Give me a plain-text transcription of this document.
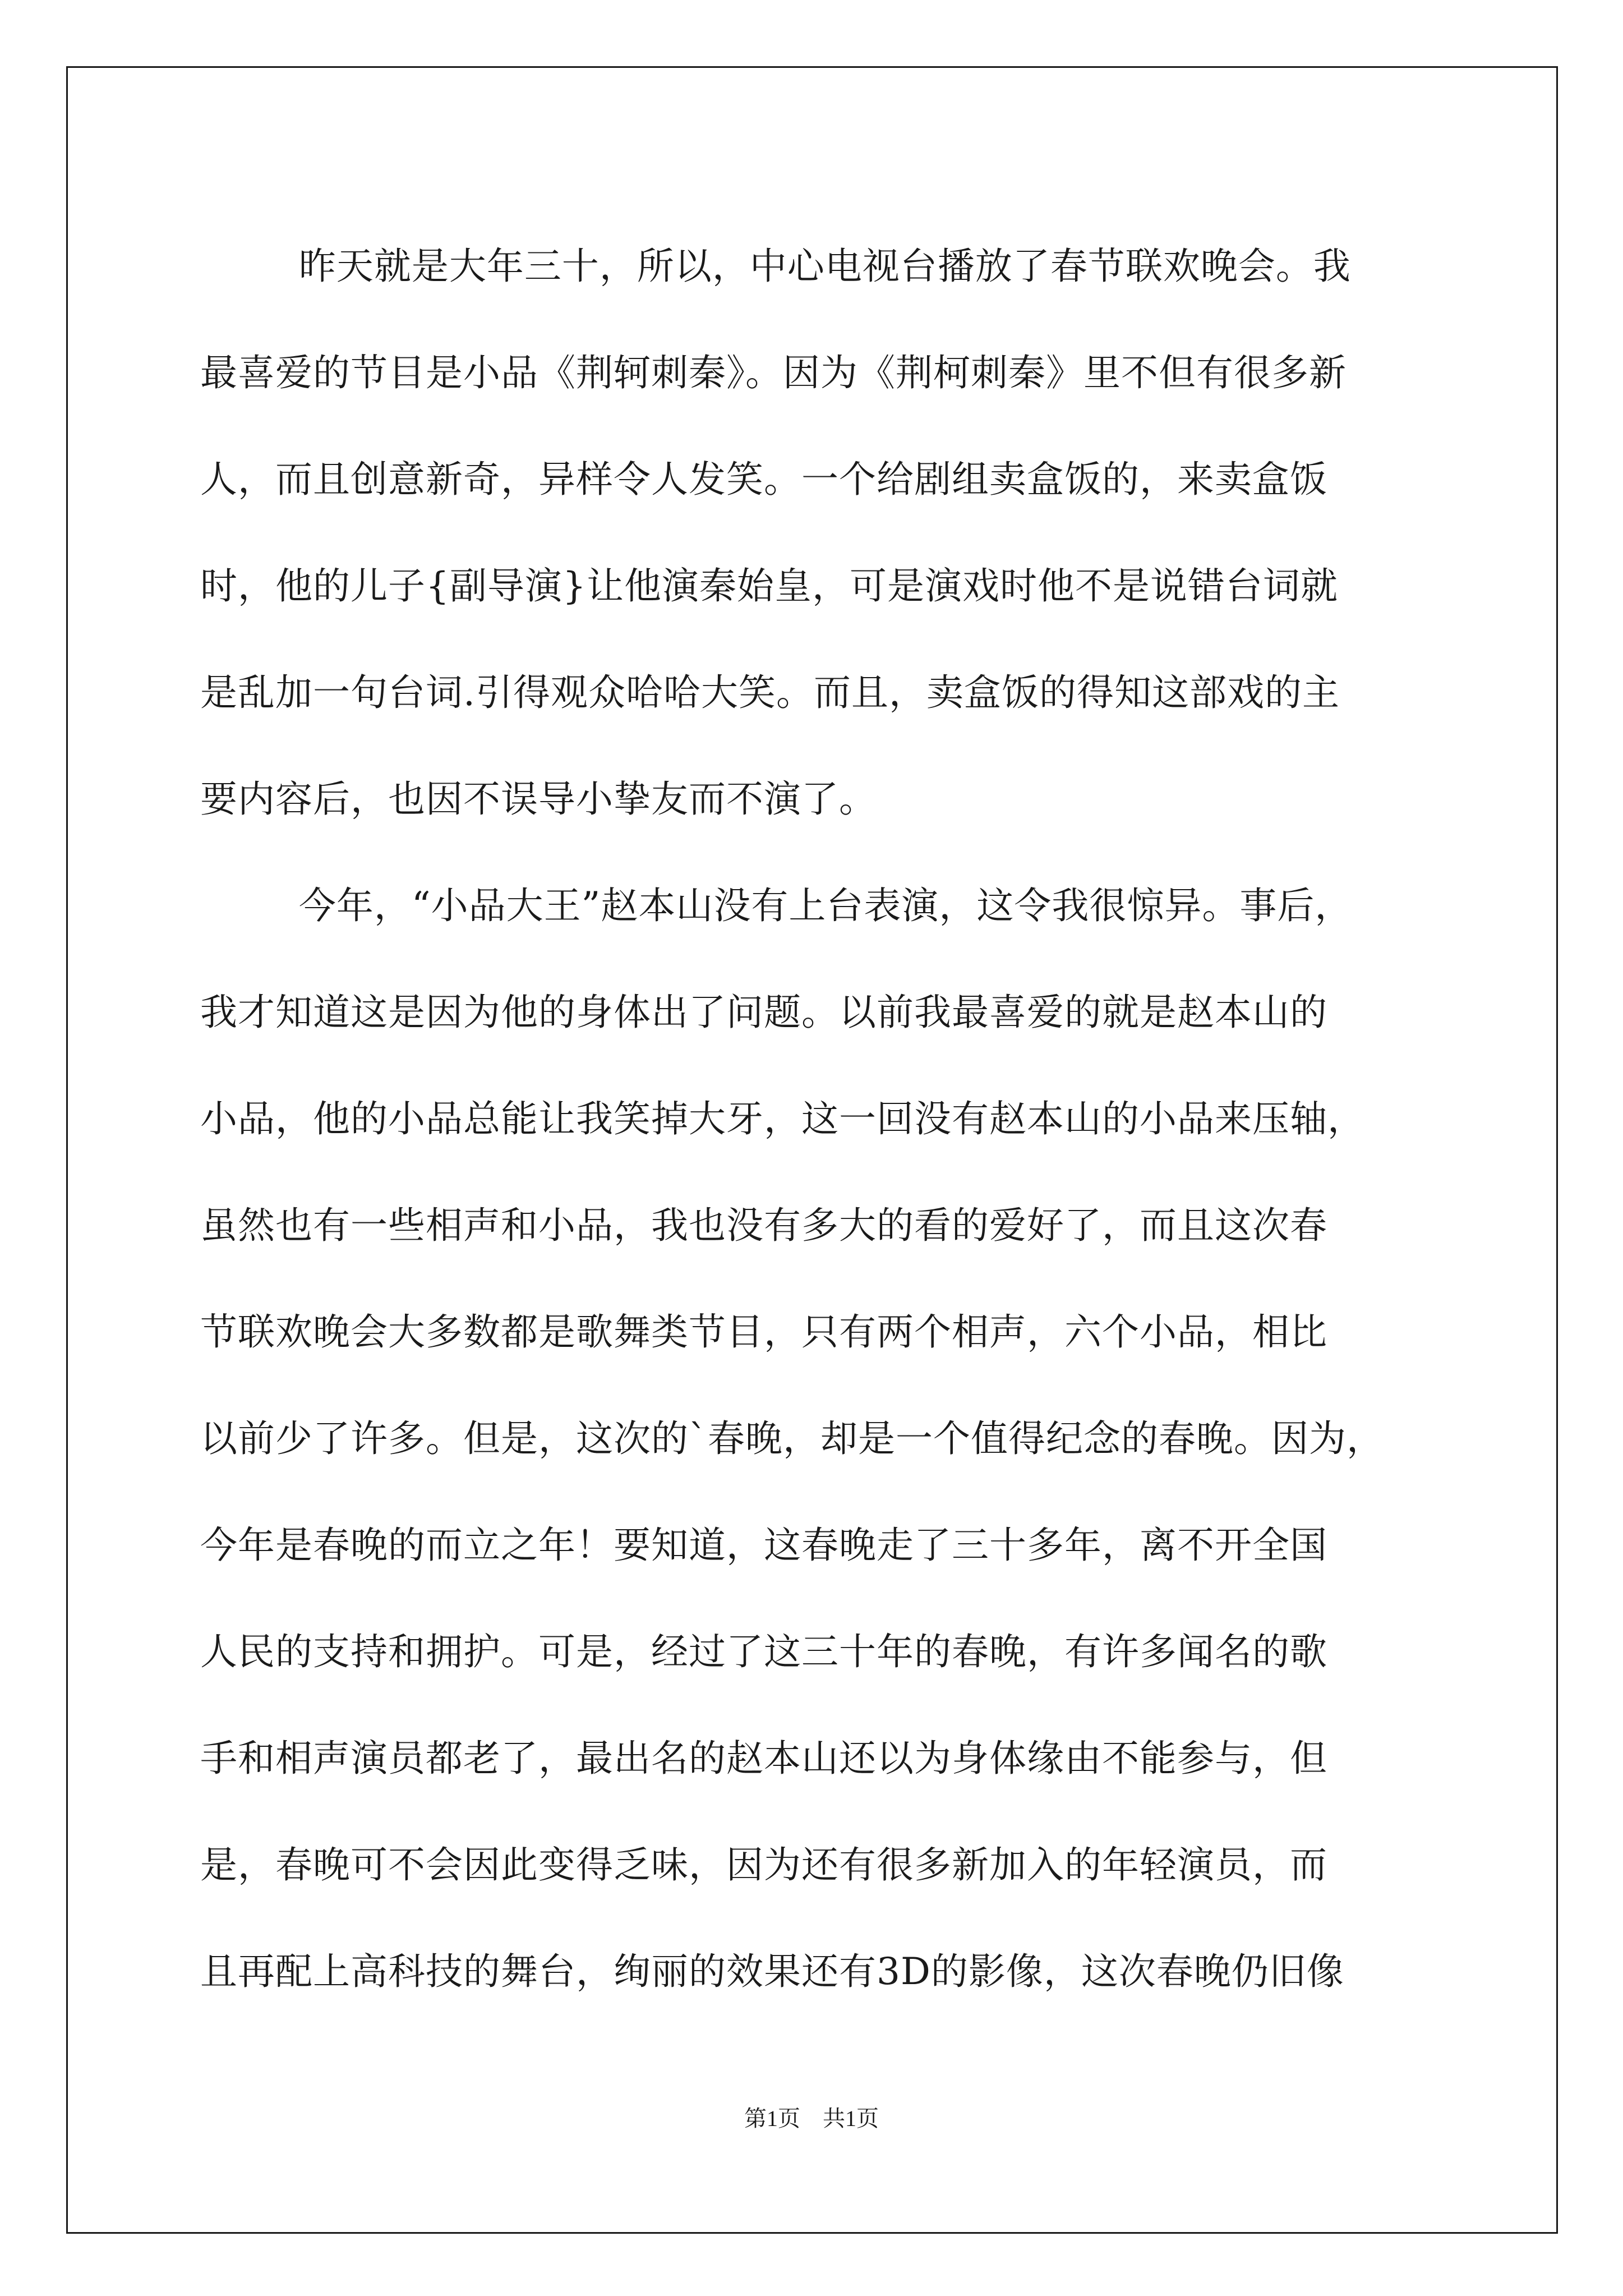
昨天就是大年三十，所以，中心电视台播放了春节联欢晚会。我
最喜爱的节目是小品《荆轲刺秦》。因为《荆柯刺秦》里不但有很多新
人，而且创意新奇，异样令人发笑。一个给剧组卖盒饭的，来卖盒饭
时，他的儿子{副导演}让他演秦始皇，可是演戏时他不是说错台词就
是乱加一句台词.引得观众哈哈大笑。而且，卖盒饭的得知这部戏的主
要内容后，也因不误导小挚友而不演了。
今年，“小品大王”赵本山没有上台表演，这令我很惊异。事后，
我才知道这是因为他的身体出了问题。以前我最喜爱的就是赵本山的
小品，他的小品总能让我笑掉大牙，这一回没有赵本山的小品来压轴，
虽然也有一些相声和小品，我也没有多大的看的爱好了，而且这次春
节联欢晚会大多数都是歌舞类节目，只有两个相声，六个小品，相比
以前少了许多。但是，这次的`春晚，却是一个值得纪念的春晚。因为，
今年是春晚的而立之年！要知道，这春晚走了三十多年，离不开全国
人民的支持和拥护。可是，经过了这三十年的春晚，有许多闻名的歌
手和相声演员都老了，最出名的赵本山还以为身体缘由不能参与，但
是，春晚可不会因此变得乏味，因为还有很多新加入的年轻演员，而
且再配上高科技的舞台，绚丽的效果还有3D的影像，这次春晚仍旧像
第1页 共1页
